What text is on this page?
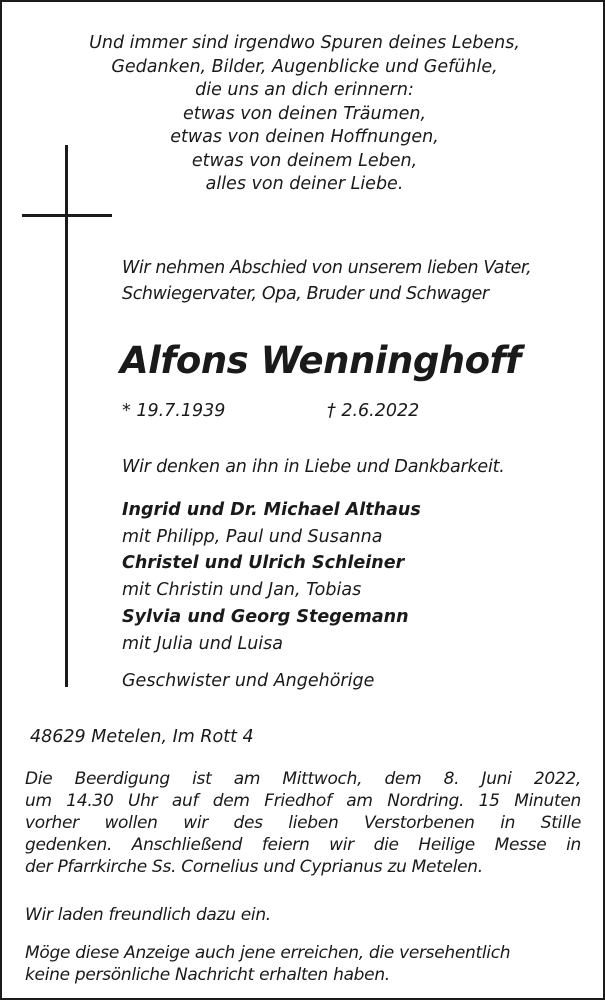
Und immer sind irgendwo Spuren deines Lebens,
Gedanken, Bilder, Augenblicke und Gefühle,
die uns an dich erinnern:
etwas von deinen Träumen,
etwas von deinen Hoffnungen,
etwas von deinem Leben,
alles von deiner Liebe.
Wir nehmen Abschied von unserem lieben Vater,
Schwiegervater, Opa, Bruder und Schwager
Alfons Wenninghoff
* 19.7.1939	† 2.6.2022
Wir denken an ihn in Liebe und Dankbarkeit.
Ingrid und Dr. Michael Althaus
mit Philipp, Paul und Susanna
Christel und Ulrich Schleiner
mit Christin und Jan, Tobias
Sylvia und Georg Stegemann
mit Julia und Luisa
Geschwister und Angehörige
48629 Metelen, Im Rott 4
Die Beerdigung ist am Mittwoch, dem 8. Juni 2022,
um 14.30 Uhr auf dem Friedhof am Nordring. 15 Minuten
vorher wollen wir des lieben Verstorbenen in Stille
gedenken. Anschließend feiern wir die Heilige Messe in
der Pfarrkirche Ss. Cornelius und Cyprianus zu Metelen.
Wir laden freundlich dazu ein.
Möge diese Anzeige auch jene erreichen, die versehentlich
keine persönliche Nachricht erhalten haben.
